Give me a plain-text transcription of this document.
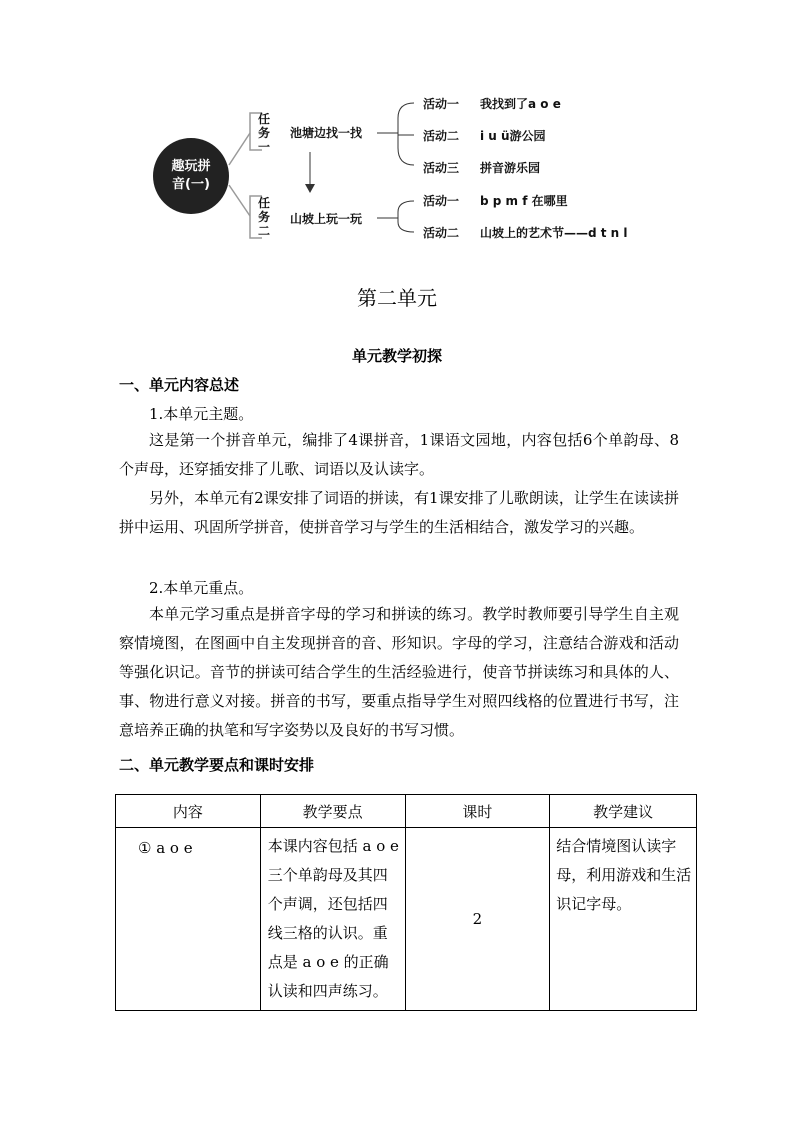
趣玩拼
音(一)
任
务
一
任
务
二
池塘边找一找
山坡上玩一玩
活动一 我找到了a o e
活动二 i u ü游公园
活动三 拼音游乐园
活动一 b p m f 在哪里
活动二 山坡上的艺术节——d t n l
第二单元
单元教学初探
一、单元内容总述
1.本单元主题。

这是第一个拼音单元，编排了4课拼音，1课语文园地，内容包括6个单韵母、8个声母，还穿插安排了儿歌、词语以及认读字。

另外，本单元有2课安排了词语的拼读，有1课安排了儿歌朗读，让学生在读读拼拼中运用、巩固所学拼音，使拼音学习与学生的生活相结合，激发学习的兴趣。

2.本单元重点。

本单元学习重点是拼音字母的学习和拼读的练习。教学时教师要引导学生自主观察情境图，在图画中自主发现拼音的音、形知识。字母的学习，注意结合游戏和活动等强化识记。音节的拼读可结合学生的生活经验进行，使音节拼读练习和具体的人、事、物进行意义对接。拼音的书写，要重点指导学生对照四线格的位置进行书写，注意培养正确的执笔和写字姿势以及良好的书写习惯。

二、单元教学要点和课时安排
内容	教学要点	课时	教学建议
① a o e	本课内容包括 a o e三个单韵母及其四个声调，还包括四线三格的认识。重点是 a o e 的正确认读和四声练习。	2	结合情境图认读字母，利用游戏和生活识记字母。
